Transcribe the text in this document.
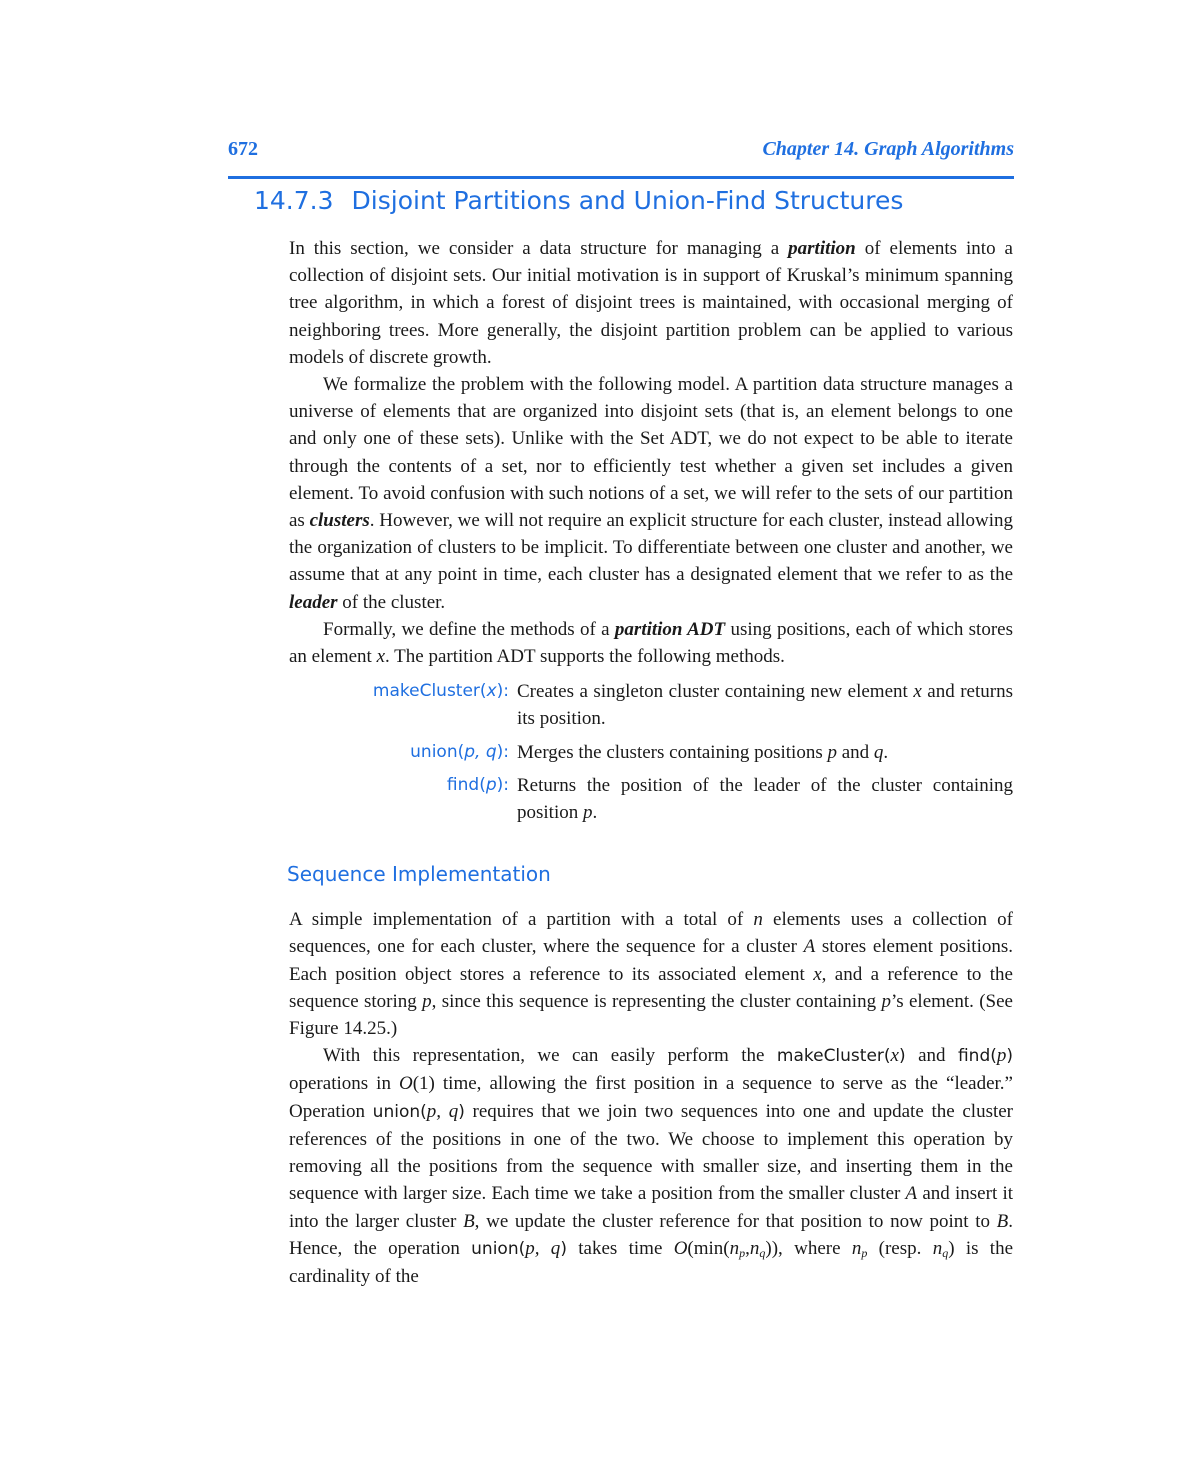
672	Chapter 14. Graph Algorithms
14.7.3 Disjoint Partitions and Union-Find Structures

In this section, we consider a data structure for managing a partition of elements into a collection of disjoint sets. Our initial motivation is in support of Kruskal’s minimum spanning tree algorithm, in which a forest of disjoint trees is maintained, with occasional merging of neighboring trees. More generally, the disjoint partition problem can be applied to various models of discrete growth.

We formalize the problem with the following model. A partition data structure manages a universe of elements that are organized into disjoint sets (that is, an element belongs to one and only one of these sets). Unlike with the Set ADT, we do not expect to be able to iterate through the contents of a set, nor to efficiently test whether a given set includes a given element. To avoid confusion with such notions of a set, we will refer to the sets of our partition as clusters. However, we will not require an explicit structure for each cluster, instead allowing the organization of clusters to be implicit. To differentiate between one cluster and another, we assume that at any point in time, each cluster has a designated element that we refer to as the leader of the cluster.

Formally, we define the methods of a partition ADT using positions, each of which stores an element x. The partition ADT supports the following methods.

makeCluster(x): Creates a singleton cluster containing new element x and returns its position.
union(p, q): Merges the clusters containing positions p and q.
find(p): Returns the position of the leader of the cluster containing position p.
Sequence Implementation

A simple implementation of a partition with a total of n elements uses a collection of sequences, one for each cluster, where the sequence for a cluster A stores element positions. Each position object stores a reference to its associated element x, and a reference to the sequence storing p, since this sequence is representing the cluster containing p’s element. (See Figure 14.25.)

With this representation, we can easily perform the makeCluster(x) and find(p) operations in O(1) time, allowing the first position in a sequence to serve as the “leader.” Operation union(p, q) requires that we join two sequences into one and update the cluster references of the positions in one of the two. We choose to implement this operation by removing all the positions from the sequence with smaller size, and inserting them in the sequence with larger size. Each time we take a position from the smaller cluster A and insert it into the larger cluster B, we update the cluster reference for that position to now point to B. Hence, the operation union(p, q) takes time $O(\min(n_p,n_q))$, where $n_p$ (resp. $n_q$) is the cardinality of the
